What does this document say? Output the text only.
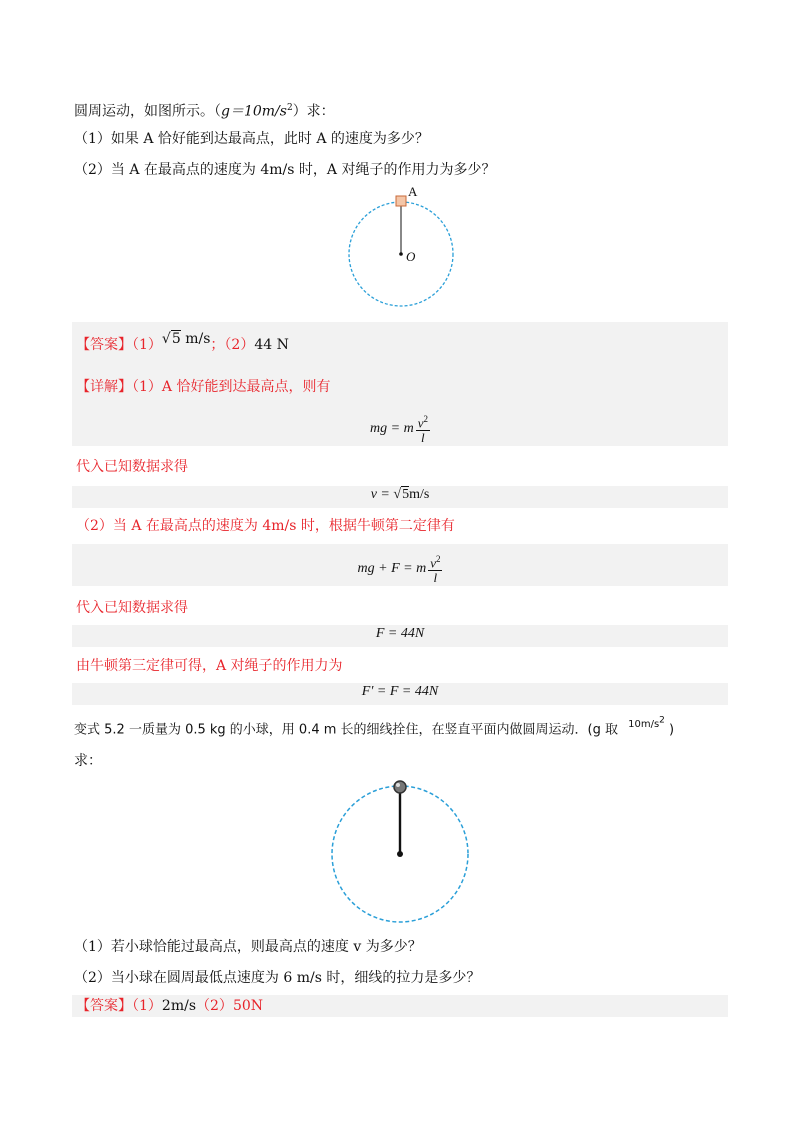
圆周运动，如图所示。$(g=10m/s^2)$求：
（1）如果 A 恰好能到达最高点，此时 A 的速度为多少？
（2）当 A 在最高点的速度为 4m/s 时，A 对绳子的作用力为多少？
A
O
【答案】（1）√5 m/s；（2）44 N
【详解】（1）A 恰好能到达最高点，则有
mg = m $\frac{v^2}{l}$
代入已知数据求得
v = √5m/s
（2）当 A 在最高点的速度为 4m/s 时，根据牛顿第二定律有
mg + F = m $\frac{v^2}{l}$
代入已知数据求得
F = 44N
由牛顿第三定律可得，A 对绳子的作用力为
F′ = F = 44N
变式 5.2 一质量为 0.5 kg 的小球，用 0.4 m 长的细线拴住，在竖直平面内做圆周运动．(g 取 $^{10m/s2}$ )
求：
（1）若小球恰能过最高点，则最高点的速度 v 为多少？
（2）当小球在圆周最低点速度为 6 m/s 时，细线的拉力是多少？
【答案】（1）2m/s（2）50N
